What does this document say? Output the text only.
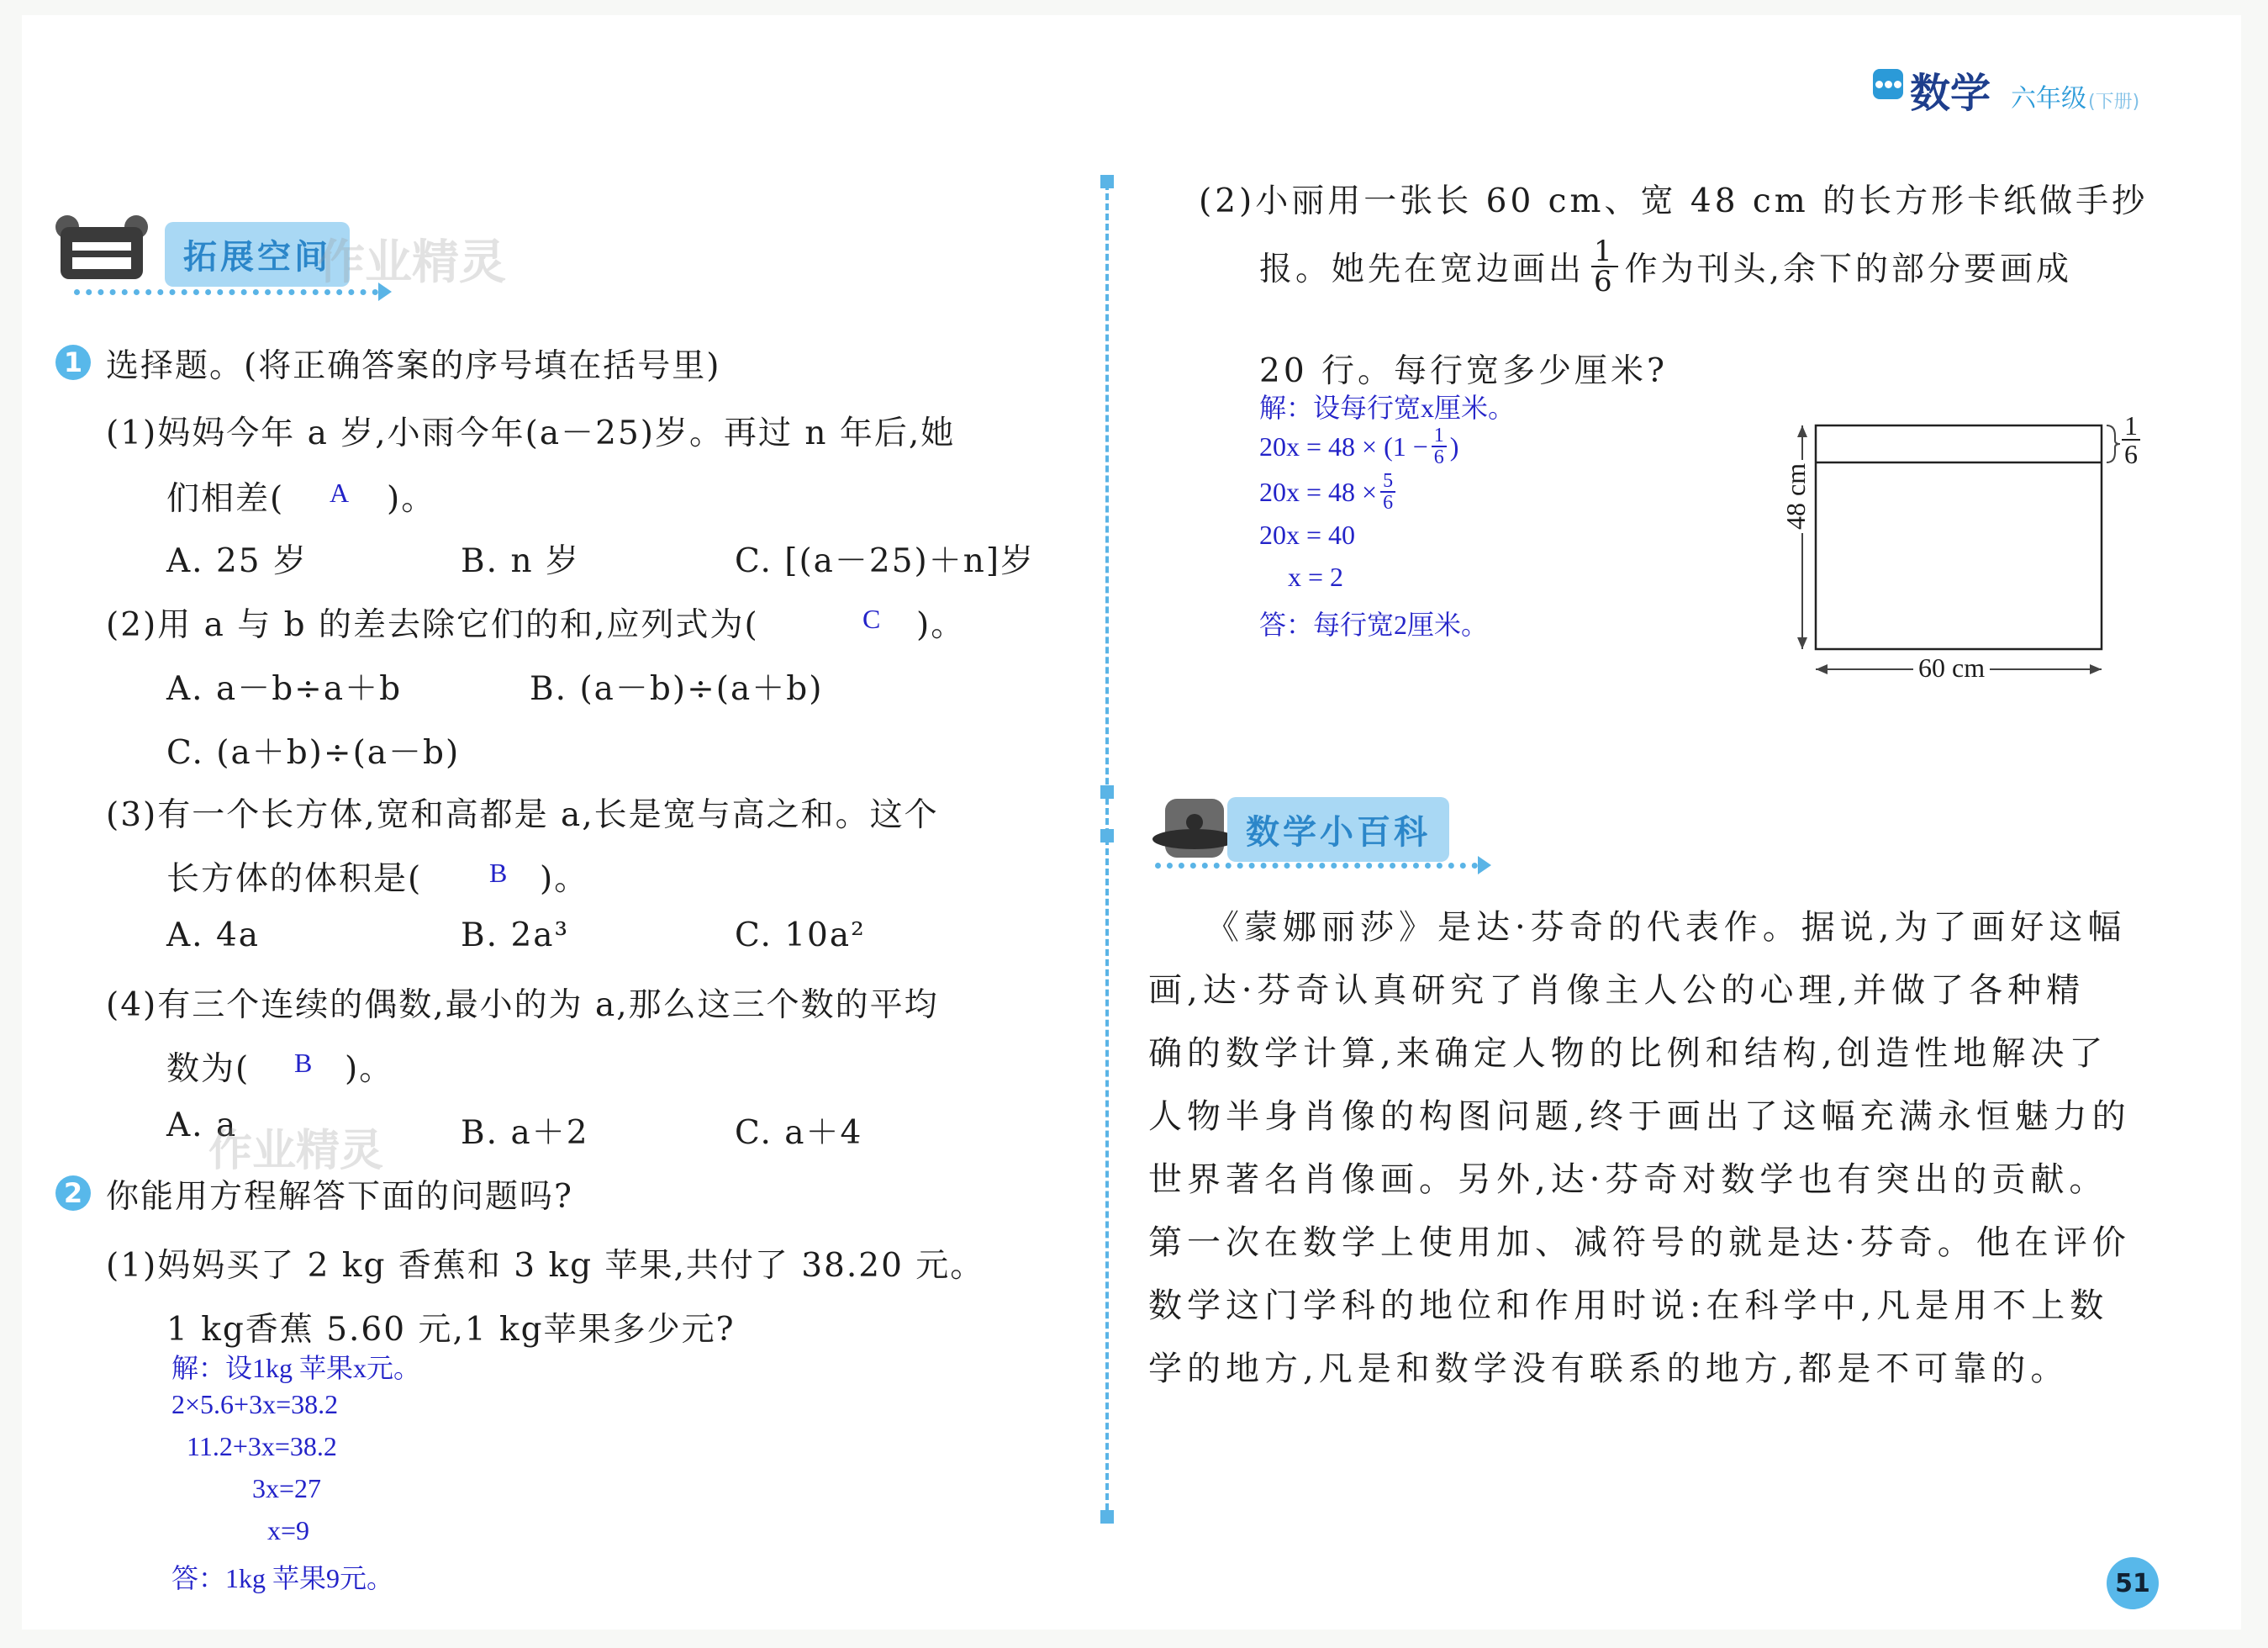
数学 六年级 (下册)
拓展空间
作业精灵
1 选择题。(将正确答案的序号填在括号里)
(1)妈妈今年 a 岁,小雨今年(a－25)岁。再过 n 年后,她
们相差( A )。
A. 25 岁	B. n 岁	C. [(a－25)＋n]岁
(2)用 a 与 b 的差去除它们的和,应列式为(	C )。
A. a－b÷a＋b	B. (a－b)÷(a＋b)
C. (a＋b)÷(a－b)
(3)有一个长方体,宽和高都是 a,长是宽与高之和。这个
长方体的体积是( B )。
A. 4a	B. 2a³	C. 10a²
(4)有三个连续的偶数,最小的为 a,那么这三个数的平均
数为( B )。
A. a	B. a＋2	C. a＋4
作业精灵
2 你能用方程解答下面的问题吗?
(1)妈妈买了 2 kg 香蕉和 3 kg 苹果,共付了 38.20 元。
1 kg香蕉 5.60 元,1 kg苹果多少元?
解：设1kg 苹果x元。
2×5.6+3x=38.2
11.2+3x=38.2
3x=27
x=9
答：1kg 苹果9元。
(2)小丽用一张长 60 cm、宽 48 cm 的长方形卡纸做手抄
报。她先在宽边画出 $\frac{1}{6}$ 作为刊头,余下的部分要画成
20 行。每行宽多少厘米?
解：设每行宽x厘米。
$20x = 48 \times (1 - \frac{1}{6}$ )
$20x = 48 \times \frac{5}{6}$
20x = 40
x = 2
答：每行宽2厘米。
48 cm
60 cm
$\frac{1}{6}$
数学小百科
《蒙娜丽莎》是达·芬奇的代表作。据说,为了画好这幅
画,达·芬奇认真研究了肖像主人公的心理,并做了各种精
确的数学计算,来确定人物的比例和结构,创造性地解决了
人物半身肖像的构图问题,终于画出了这幅充满永恒魅力的
世界著名肖像画。另外,达·芬奇对数学也有突出的贡献。
第一次在数学上使用加、减符号的就是达·芬奇。他在评价
数学这门学科的地位和作用时说:在科学中,凡是用不上数
学的地方,凡是和数学没有联系的地方,都是不可靠的。
51
